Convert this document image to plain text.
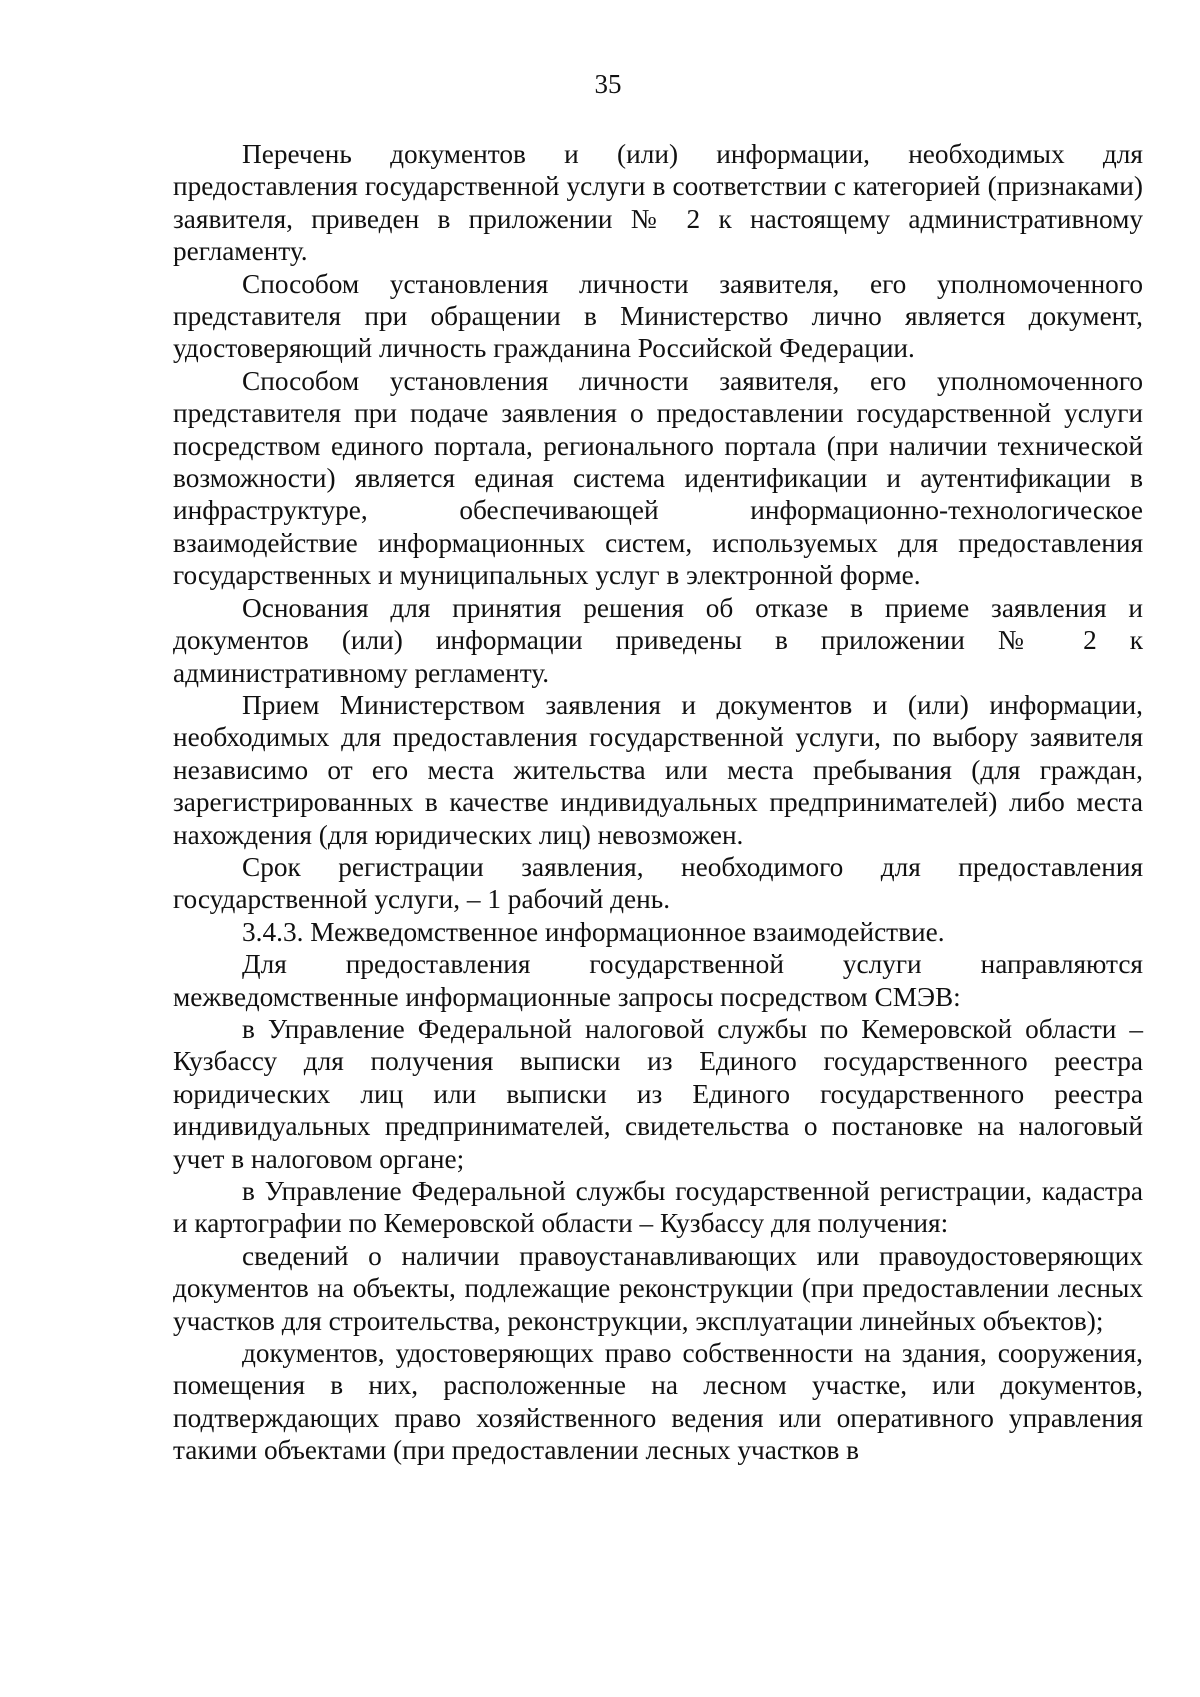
35

Перечень документов и (или) информации, необходимых для предоставления государственной услуги в соответствии с категорией (признаками) заявителя, приведен в приложении № 2 к настоящему административному регламенту.

Способом установления личности заявителя, его уполномоченного представителя при обращении в Министерство лично является документ, удостоверяющий личность гражданина Российской Федерации.

Способом установления личности заявителя, его уполномоченного представителя при подаче заявления о предоставлении государственной услуги посредством единого портала, регионального портала (при наличии технической возможности) является единая система идентификации и аутентификации в инфраструктуре, обеспечивающей информационно-технологическое взаимодействие информационных систем, используемых для предоставления государственных и муниципальных услуг в электронной форме.

Основания для принятия решения об отказе в приеме заявления и документов (или) информации приведены в приложении № 2 к административному регламенту.

Прием Министерством заявления и документов и (или) информации, необходимых для предоставления государственной услуги, по выбору заявителя независимо от его места жительства или места пребывания (для граждан, зарегистрированных в качестве индивидуальных предпринимателей) либо места нахождения (для юридических лиц) невозможен.

Срок регистрации заявления, необходимого для предоставления государственной услуги, – 1 рабочий день.

3.4.3. Межведомственное информационное взаимодействие.

Для предоставления государственной услуги направляются межведомственные информационные запросы посредством СМЭВ:

в Управление Федеральной налоговой службы по Кемеровской области – Кузбассу для получения выписки из Единого государственного реестра юридических лиц или выписки из Единого государственного реестра индивидуальных предпринимателей, свидетельства о постановке на налоговый учет в налоговом органе;

в Управление Федеральной службы государственной регистрации, кадастра и картографии по Кемеровской области – Кузбассу для получения:

сведений о наличии правоустанавливающих или правоудостоверяющих документов на объекты, подлежащие реконструкции (при предоставлении лесных участков для строительства, реконструкции, эксплуатации линейных объектов);

документов, удостоверяющих право собственности на здания, сооружения, помещения в них, расположенные на лесном участке, или документов, подтверждающих право хозяйственного ведения или оперативного управления такими объектами (при предоставлении лесных участков в
